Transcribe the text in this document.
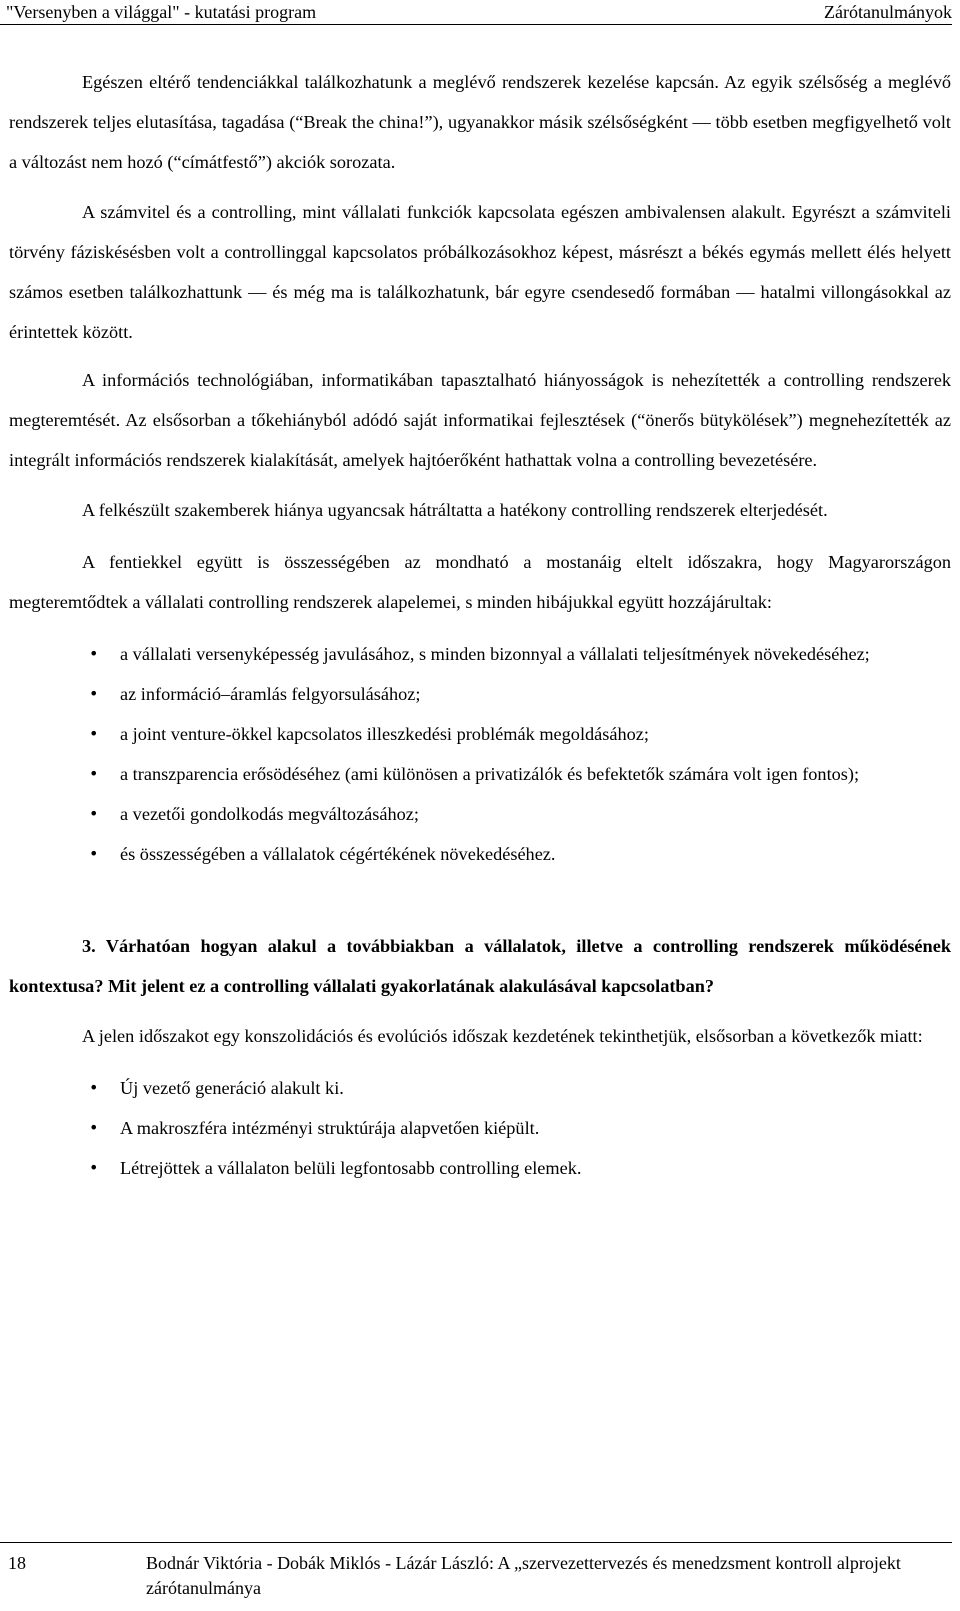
"Versenyben a világgal" - kutatási program	Zárótanulmányok

Egészen eltérő tendenciákkal találkozhatunk a meglévő rendszerek kezelése kapcsán. Az egyik szélsőség a meglévő rendszerek teljes elutasítása, tagadása (“Break the china!”), ugyanakkor másik szélsőségként — több esetben megfigyelhető volt a változást nem hozó (“címátfestő”) akciók sorozata.

A számvitel és a controlling, mint vállalati funkciók kapcsolata egészen ambivalensen alakult. Egyrészt a számviteli törvény fáziskésésben volt a controllinggal kapcsolatos próbálkozásokhoz képest, másrészt a békés egymás mellett élés helyett számos esetben találkozhattunk — és még ma is találkozhatunk, bár egyre csendesedő formában — hatalmi villongásokkal az érintettek között.

A információs technológiában, informatikában tapasztalható hiányosságok is nehezítették a controlling rendszerek megteremtését. Az elsősorban a tőkehiányból adódó saját informatikai fejlesztések (“önerős bütykölések”) megnehezítették az integrált információs rendszerek kialakítását, amelyek hajtóerőként hathattak volna a controlling bevezetésére.

A felkészült szakemberek hiánya ugyancsak hátráltatta a hatékony controlling rendszerek elterjedését.

A fentiekkel együtt is összességében az mondható a mostanáig eltelt időszakra, hogy Magyarországon megteremtődtek a vállalati controlling rendszerek alapelemei, s minden hibájukkal együtt hozzájárultak:

• a vállalati versenyképesség javulásához, s minden bizonnyal a vállalati teljesítmények növekedéséhez;
• az információ–áramlás felgyorsulásához;
• a joint venture-ökkel kapcsolatos illeszkedési problémák megoldásához;
• a transzparencia erősödéséhez (ami különösen a privatizálók és befektetők számára volt igen fontos);
• a vezetői gondolkodás megváltozásához;
• és összességében a vállalatok cégértékének növekedéséhez.

3. Várhatóan hogyan alakul a továbbiakban a vállalatok, illetve a controlling rendszerek működésének kontextusa? Mit jelent ez a controlling vállalati gyakorlatának alakulásával kapcsolatban?

A jelen időszakot egy konszolidációs és evolúciós időszak kezdetének tekinthetjük, elsősorban a következők miatt:

• Új vezető generáció alakult ki.
• A makroszféra intézményi struktúrája alapvetően kiépült.
• Létrejöttek a vállalaton belüli legfontosabb controlling elemek.
18	Bodnár Viktória - Dobák Miklós - Lázár László: A „szervezettervezés és menedzsment kontroll alprojekt zárótanulmánya
